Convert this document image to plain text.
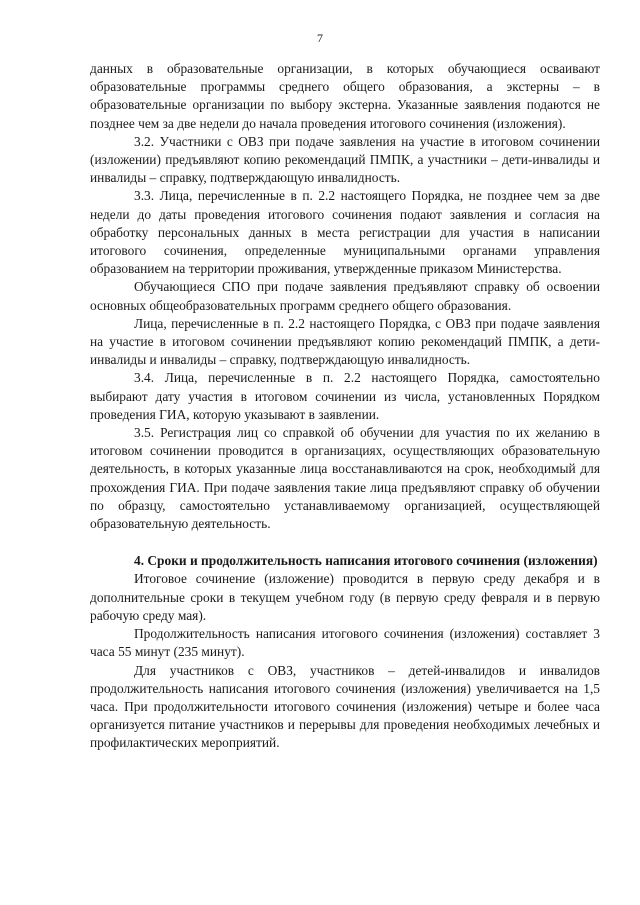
7

данных в образовательные организации, в которых обучающиеся осваивают образовательные программы среднего общего образования, а экстерны – в образовательные организации по выбору экстерна. Указанные заявления подаются не позднее чем за две недели до начала проведения итогового сочинения (изложения).

3.2. Участники с ОВЗ при подаче заявления на участие в итоговом сочинении (изложении) предъявляют копию рекомендаций ПМПК, а участники – дети-инвалиды и инвалиды – справку, подтверждающую инвалидность.

3.3. Лица, перечисленные в п. 2.2 настоящего Порядка, не позднее чем за две недели до даты проведения итогового сочинения подают заявления и согласия на обработку персональных данных в места регистрации для участия в написании итогового сочинения, определенные муниципальными органами управления образованием на территории проживания, утвержденные приказом Министерства.

Обучающиеся СПО при подаче заявления предъявляют справку об освоении основных общеобразовательных программ среднего общего образования.

Лица, перечисленные в п. 2.2 настоящего Порядка, с ОВЗ при подаче заявления на участие в итоговом сочинении предъявляют копию рекомендаций ПМПК, а дети-инвалиды и инвалиды – справку, подтверждающую инвалидность.

3.4. Лица, перечисленные в п. 2.2 настоящего Порядка, самостоятельно выбирают дату участия в итоговом сочинении из числа, установленных Порядком проведения ГИА, которую указывают в заявлении.

3.5. Регистрация лиц со справкой об обучении для участия по их желанию в итоговом сочинении проводится в организациях, осуществляющих образовательную деятельность, в которых указанные лица восстанавливаются на срок, необходимый для прохождения ГИА. При подаче заявления такие лица предъявляют справку об обучении по образцу, самостоятельно устанавливаемому организацией, осуществляющей образовательную деятельность.

4. Сроки и продолжительность написания итогового сочинения (изложения)

Итоговое сочинение (изложение) проводится в первую среду декабря и в дополнительные сроки в текущем учебном году (в первую среду февраля и в первую рабочую среду мая).

Продолжительность написания итогового сочинения (изложения) составляет 3 часа 55 минут (235 минут).

Для участников с ОВЗ, участников – детей-инвалидов и инвалидов продолжительность написания итогового сочинения (изложения) увеличивается на 1,5 часа. При продолжительности итогового сочинения (изложения) четыре и более часа организуется питание участников и перерывы для проведения необходимых лечебных и профилактических мероприятий.
